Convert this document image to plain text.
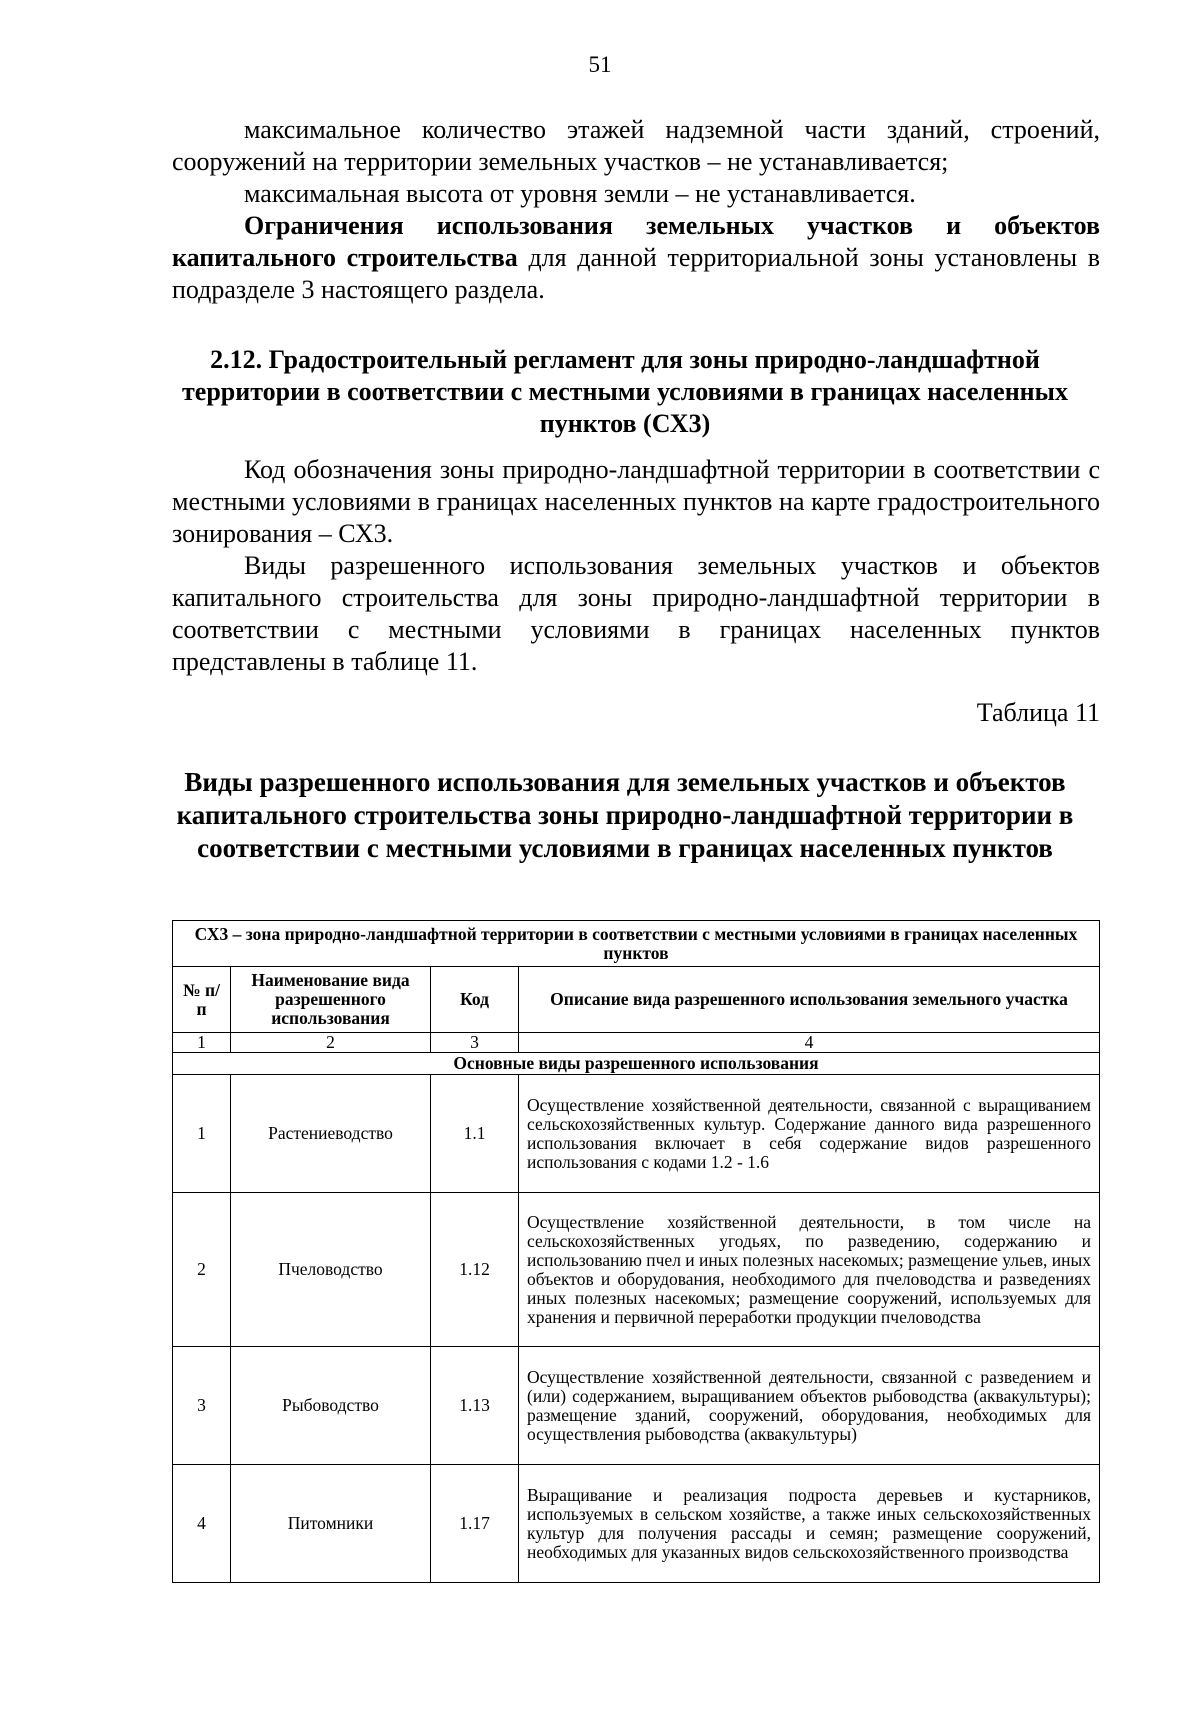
51

максимальное количество этажей надземной части зданий, строений, сооружений на территории земельных участков – не устанавливается;

максимальная высота от уровня земли – не устанавливается.

Ограничения использования земельных участков и объектов капитального строительства для данной территориальной зоны установлены в подразделе 3 настоящего раздела.

2.12. Градостроительный регламент для зоны природно-ландшафтной территории в соответствии с местными условиями в границах населенных пунктов (СХ3)

Код обозначения зоны природно-ландшафтной территории в соответствии с местными условиями в границах населенных пунктов на карте градостроительного зонирования – СХ3.

Виды разрешенного использования земельных участков и объектов капитального строительства для зоны природно-ландшафтной территории в соответствии с местными условиями в границах населенных пунктов представлены в таблице 11.

Таблица 11
Виды разрешенного использования для земельных участков и объектов капитального строительства зоны природно-ландшафтной территории в соответствии с местными условиями в границах населенных пунктов
СХ3 – зона природно-ландшафтной территории в соответствии с местными условиями в границах населенных пунктов			
№ п/п	Наименование вида разрешенного использования	Код	Описание вида разрешенного использования земельного участка
1	2	3	4
Основные виды разрешенного использования			
1	Растениеводство	1.1	Осуществление хозяйственной деятельности, связанной с выращиванием сельскохозяйственных культур. Содержание данного вида разрешенного использования включает в себя содержание видов разрешенного использования с кодами 1.2 - 1.6
2	Пчеловодство	1.12	Осуществление хозяйственной деятельности, в том числе на сельскохозяйственных угодьях, по разведению, содержанию и использованию пчел и иных полезных насекомых; размещение ульев, иных объектов и оборудования, необходимого для пчеловодства и разведениях иных полезных насекомых; размещение сооружений, используемых для хранения и первичной переработки продукции пчеловодства
3	Рыбоводство	1.13	Осуществление хозяйственной деятельности, связанной с разведением и (или) содержанием, выращиванием объектов рыбоводства (аквакультуры); размещение зданий, сооружений, оборудования, необходимых для осуществления рыбоводства (аквакультуры)
4	Питомники	1.17	Выращивание и реализация подроста деревьев и кустарников, используемых в сельском хозяйстве, а также иных сельскохозяйственных культур для получения рассады и семян; размещение сооружений, необходимых для указанных видов сельскохозяйственного производства
